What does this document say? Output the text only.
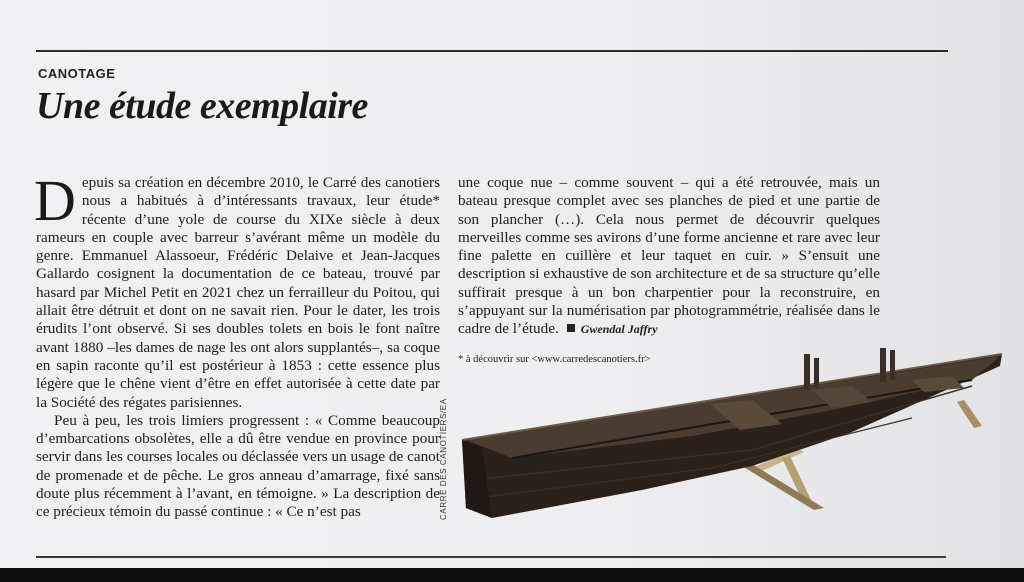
CANOTAGE
Une étude exemplaire

Depuis sa création en décembre 2010, le Carré des canotiers nous a habitués à d’intéressants travaux, leur étude* récente d’une yole de course du XIXe siècle à deux rameurs en couple avec barreur s’avérant même un modèle du genre. Emmanuel Alassoeur, Frédéric Delaive et Jean-Jacques Gallardo cosignent la documentation de ce bateau, trouvé par hasard par Michel Petit en 2021 chez un ferrailleur du Poitou, qui allait être détruit et dont on ne savait rien. Pour le dater, les trois érudits l’ont observé. Si ses doubles tolets en bois le font naître avant 1880 –les dames de nage les ont alors supplantés–, sa coque en sapin raconte qu’il est postérieur à 1853 : cette essence plus légère que le chêne vient d’être en effet autorisée à cette date par la Société des régates parisiennes.

Peu à peu, les trois limiers progressent : « Comme beaucoup d’embarcations obsolètes, elle a dû être vendue en province pour servir dans les courses locales ou déclassée vers un usage de canot de promenade et de pêche. Le gros anneau d’amarrage, fixé sans doute plus récemment à l’avant, en témoigne. » La description de ce précieux témoin du passé continue : « Ce n’est pas

une coque nue – comme souvent – qui a été retrouvée, mais un bateau presque complet avec ses planches de pied et une partie de son plancher (…). Cela nous permet de découvrir quelques merveilles comme ses avirons d’une forme ancienne et rare avec leur fine palette en cuillère et leur taquet en cuir. » S’ensuit une description si exhaustive de son architecture et de sa structure qu’elle suffirait presque à un bon charpentier pour la reconstruire, en s’appuyant sur la numérisation par photogrammétrie, réalisée dans le cadre de l’étude. Gwendal Jaffry

* à découvrir sur <www.carredescanotiers.fr>
CARRÉ DES CANOTIERS/EA
